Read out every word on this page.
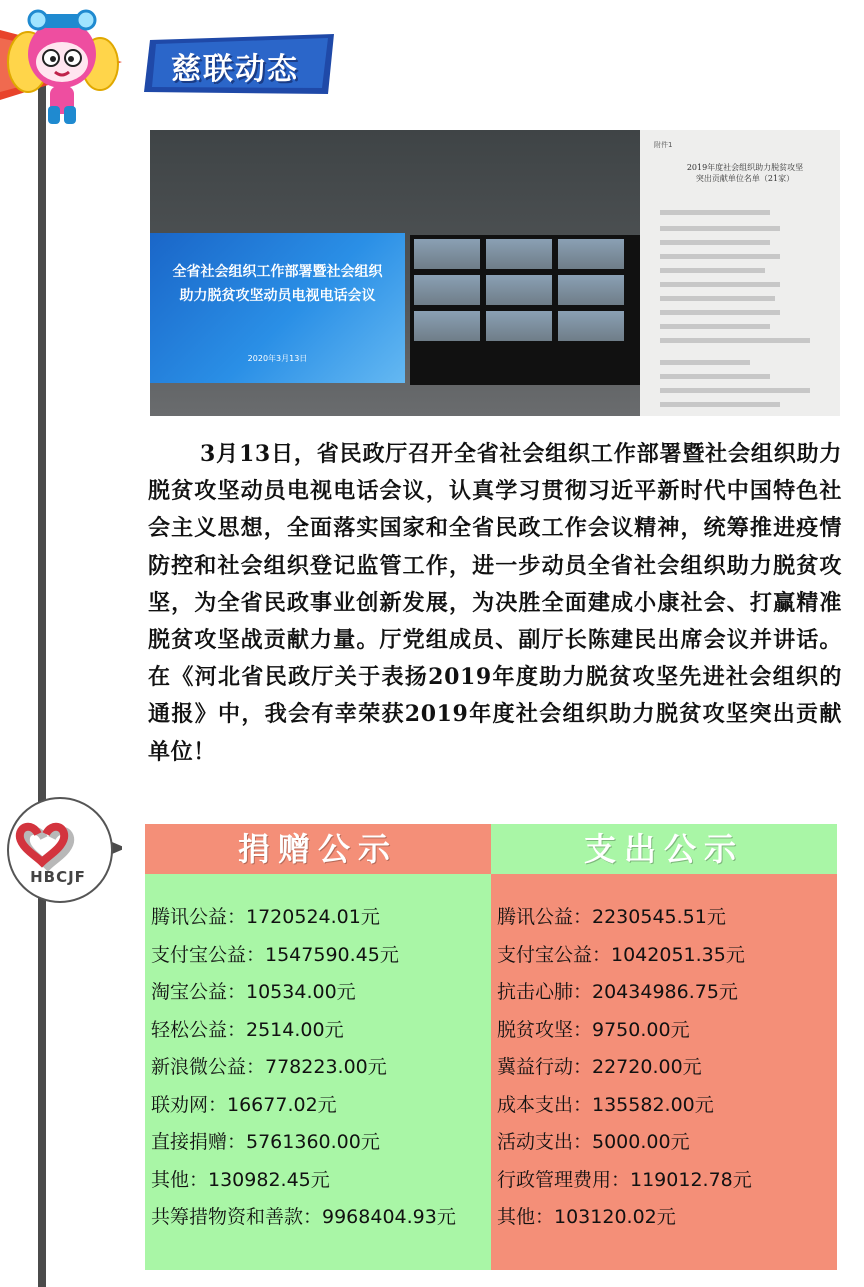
慈联动态
全省社会组织工作部署暨社会组织
助力脱贫攻坚动员电视电话会议
2020年3月13日
附件1
2019年度社会组织助力脱贫攻坚
突出贡献单位名单（21家）
3月13日，省民政厅召开全省社会组织工作部署暨社会组织助力脱贫攻坚动员电视电话会议，认真学习贯彻习近平新时代中国特色社会主义思想，全面落实国家和全省民政工作会议精神，统筹推进疫情防控和社会组织登记监管工作，进一步动员全省社会组织助力脱贫攻坚，为全省民政事业创新发展，为决胜全面建成小康社会、打赢精准脱贫攻坚战贡献力量。厅党组成员、副厅长陈建民出席会议并讲话。在《河北省民政厅关于表扬2019年度助力脱贫攻坚先进社会组织的通报》中，我会有幸荣获2019年度社会组织助力脱贫攻坚突出贡献单位！
HBCJF
捐赠公示
腾讯公益：1720524.01元
支付宝公益：1547590.45元
淘宝公益：10534.00元
轻松公益：2514.00元
新浪微公益：778223.00元
联劝网：16677.02元
直接捐赠：5761360.00元
其他：130982.45元
共筹措物资和善款：9968404.93元
支出公示
腾讯公益：2230545.51元
支付宝公益：1042051.35元
抗击心肺：20434986.75元
脱贫攻坚：9750.00元
冀益行动：22720.00元
成本支出：135582.00元
活动支出：5000.00元
行政管理费用：119012.78元
其他：103120.02元
